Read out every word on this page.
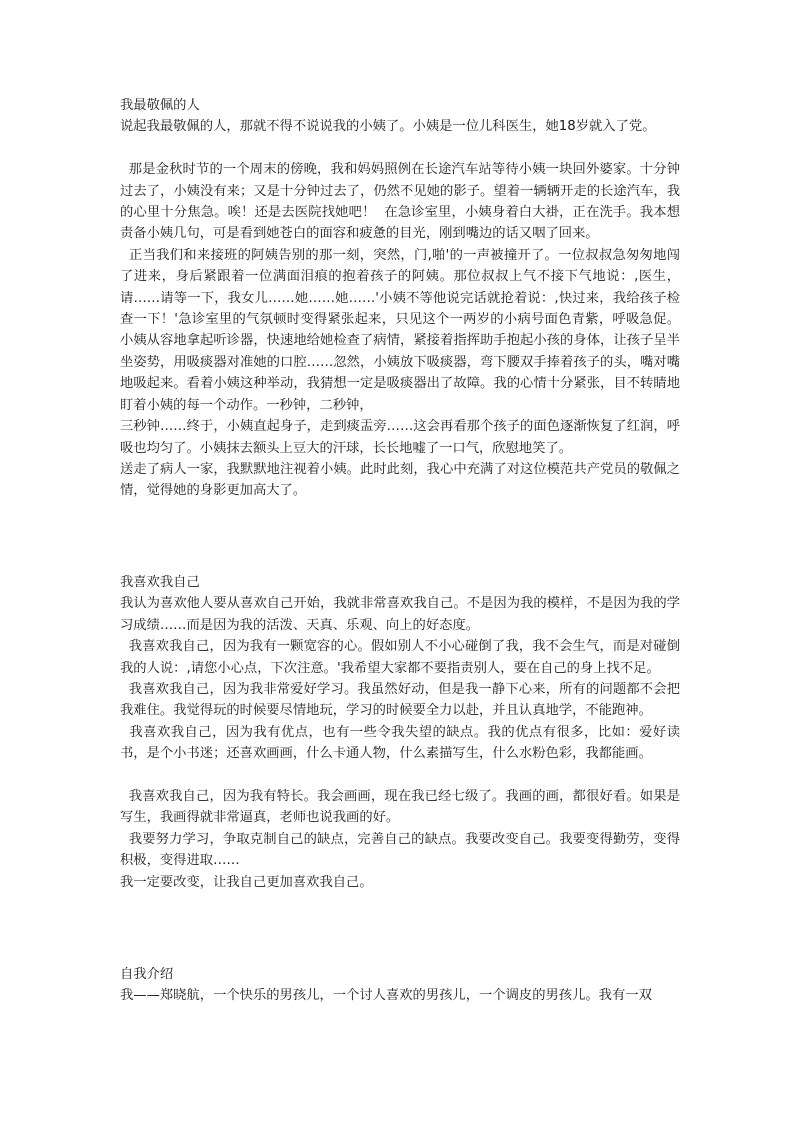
我最敬佩的人

说起我最敬佩的人，那就不得不说说我的小姨了。小姨是一位儿科医生，她18岁就入了党。

那是金秋时节的一个周末的傍晚，我和妈妈照例在长途汽车站等待小姨一块回外婆家。十分钟过去了，小姨没有来；又是十分钟过去了，仍然不见她的影子。望着一辆辆开走的长途汽车，我的心里十分焦急。唉！还是去医院找她吧！  在急诊室里，小姨身着白大褂，正在洗手。我本想责备小姨几句，可是看到她苍白的面容和疲惫的目光，刚到嘴边的话又咽了回来。

正当我们和来接班的阿姨告别的那一刻，突然，门,啪'的一声被撞开了。一位叔叔急匆匆地闯了进来，身后紧跟着一位满面泪痕的抱着孩子的阿姨。那位叔叔上气不接下气地说：,医生，请……请等一下，我女儿……她……她……'小姨不等他说完话就抢着说：,快过来，我给孩子检查一下！'急诊室里的气氛顿时变得紧张起来，只见这个一两岁的小病号面色青紫，呼吸急促。小姨从容地拿起听诊器，快速地给她检查了病情，紧接着指挥助手抱起小孩的身体，让孩子呈半坐姿势，用吸痰器对准她的口腔……忽然，小姨放下吸痰器，弯下腰双手捧着孩子的头，嘴对嘴地吸起来。看着小姨这种举动，我猜想一定是吸痰器出了故障。我的心情十分紧张，目不转睛地盯着小姨的每一个动作。一秒钟，二秒钟，

三秒钟……终于，小姨直起身子，走到痰盂旁……这会再看那个孩子的面色逐渐恢复了红润，呼吸也均匀了。小姨抹去额头上豆大的汗球，长长地嘘了一口气，欣慰地笑了。

送走了病人一家，我默默地注视着小姨。此时此刻，我心中充满了对这位模范共产党员的敬佩之情，觉得她的身影更加高大了。

我喜欢我自己

我认为喜欢他人要从喜欢自己开始，我就非常喜欢我自己。不是因为我的模样，不是因为我的学习成绩……而是因为我的活泼、天真、乐观、向上的好态度。

我喜欢我自己，因为我有一颗宽容的心。假如别人不小心碰倒了我，我不会生气，而是对碰倒我的人说：,请您小心点，下次注意。'我希望大家都不要指责别人，要在自己的身上找不足。

我喜欢我自己，因为我非常爱好学习。我虽然好动，但是我一静下心来，所有的问题都不会把我难住。我觉得玩的时候要尽情地玩，学习的时候要全力以赴，并且认真地学，不能跑神。

我喜欢我自己，因为我有优点，也有一些令我失望的缺点。我的优点有很多，比如：爱好读书，是个小书迷；还喜欢画画，什么卡通人物，什么素描写生，什么水粉色彩，我都能画。

我喜欢我自己，因为我有特长。我会画画，现在我已经七级了。我画的画，都很好看。如果是写生，我画得就非常逼真，老师也说我画的好。

我要努力学习，争取克制自己的缺点，完善自己的缺点。我要改变自己。我要变得勤劳，变得积极，变得进取……

我一定要改变，让我自己更加喜欢我自己。

自我介绍

我——郑晓航，一个快乐的男孩儿，一个讨人喜欢的男孩儿，一个调皮的男孩儿。我有一双
